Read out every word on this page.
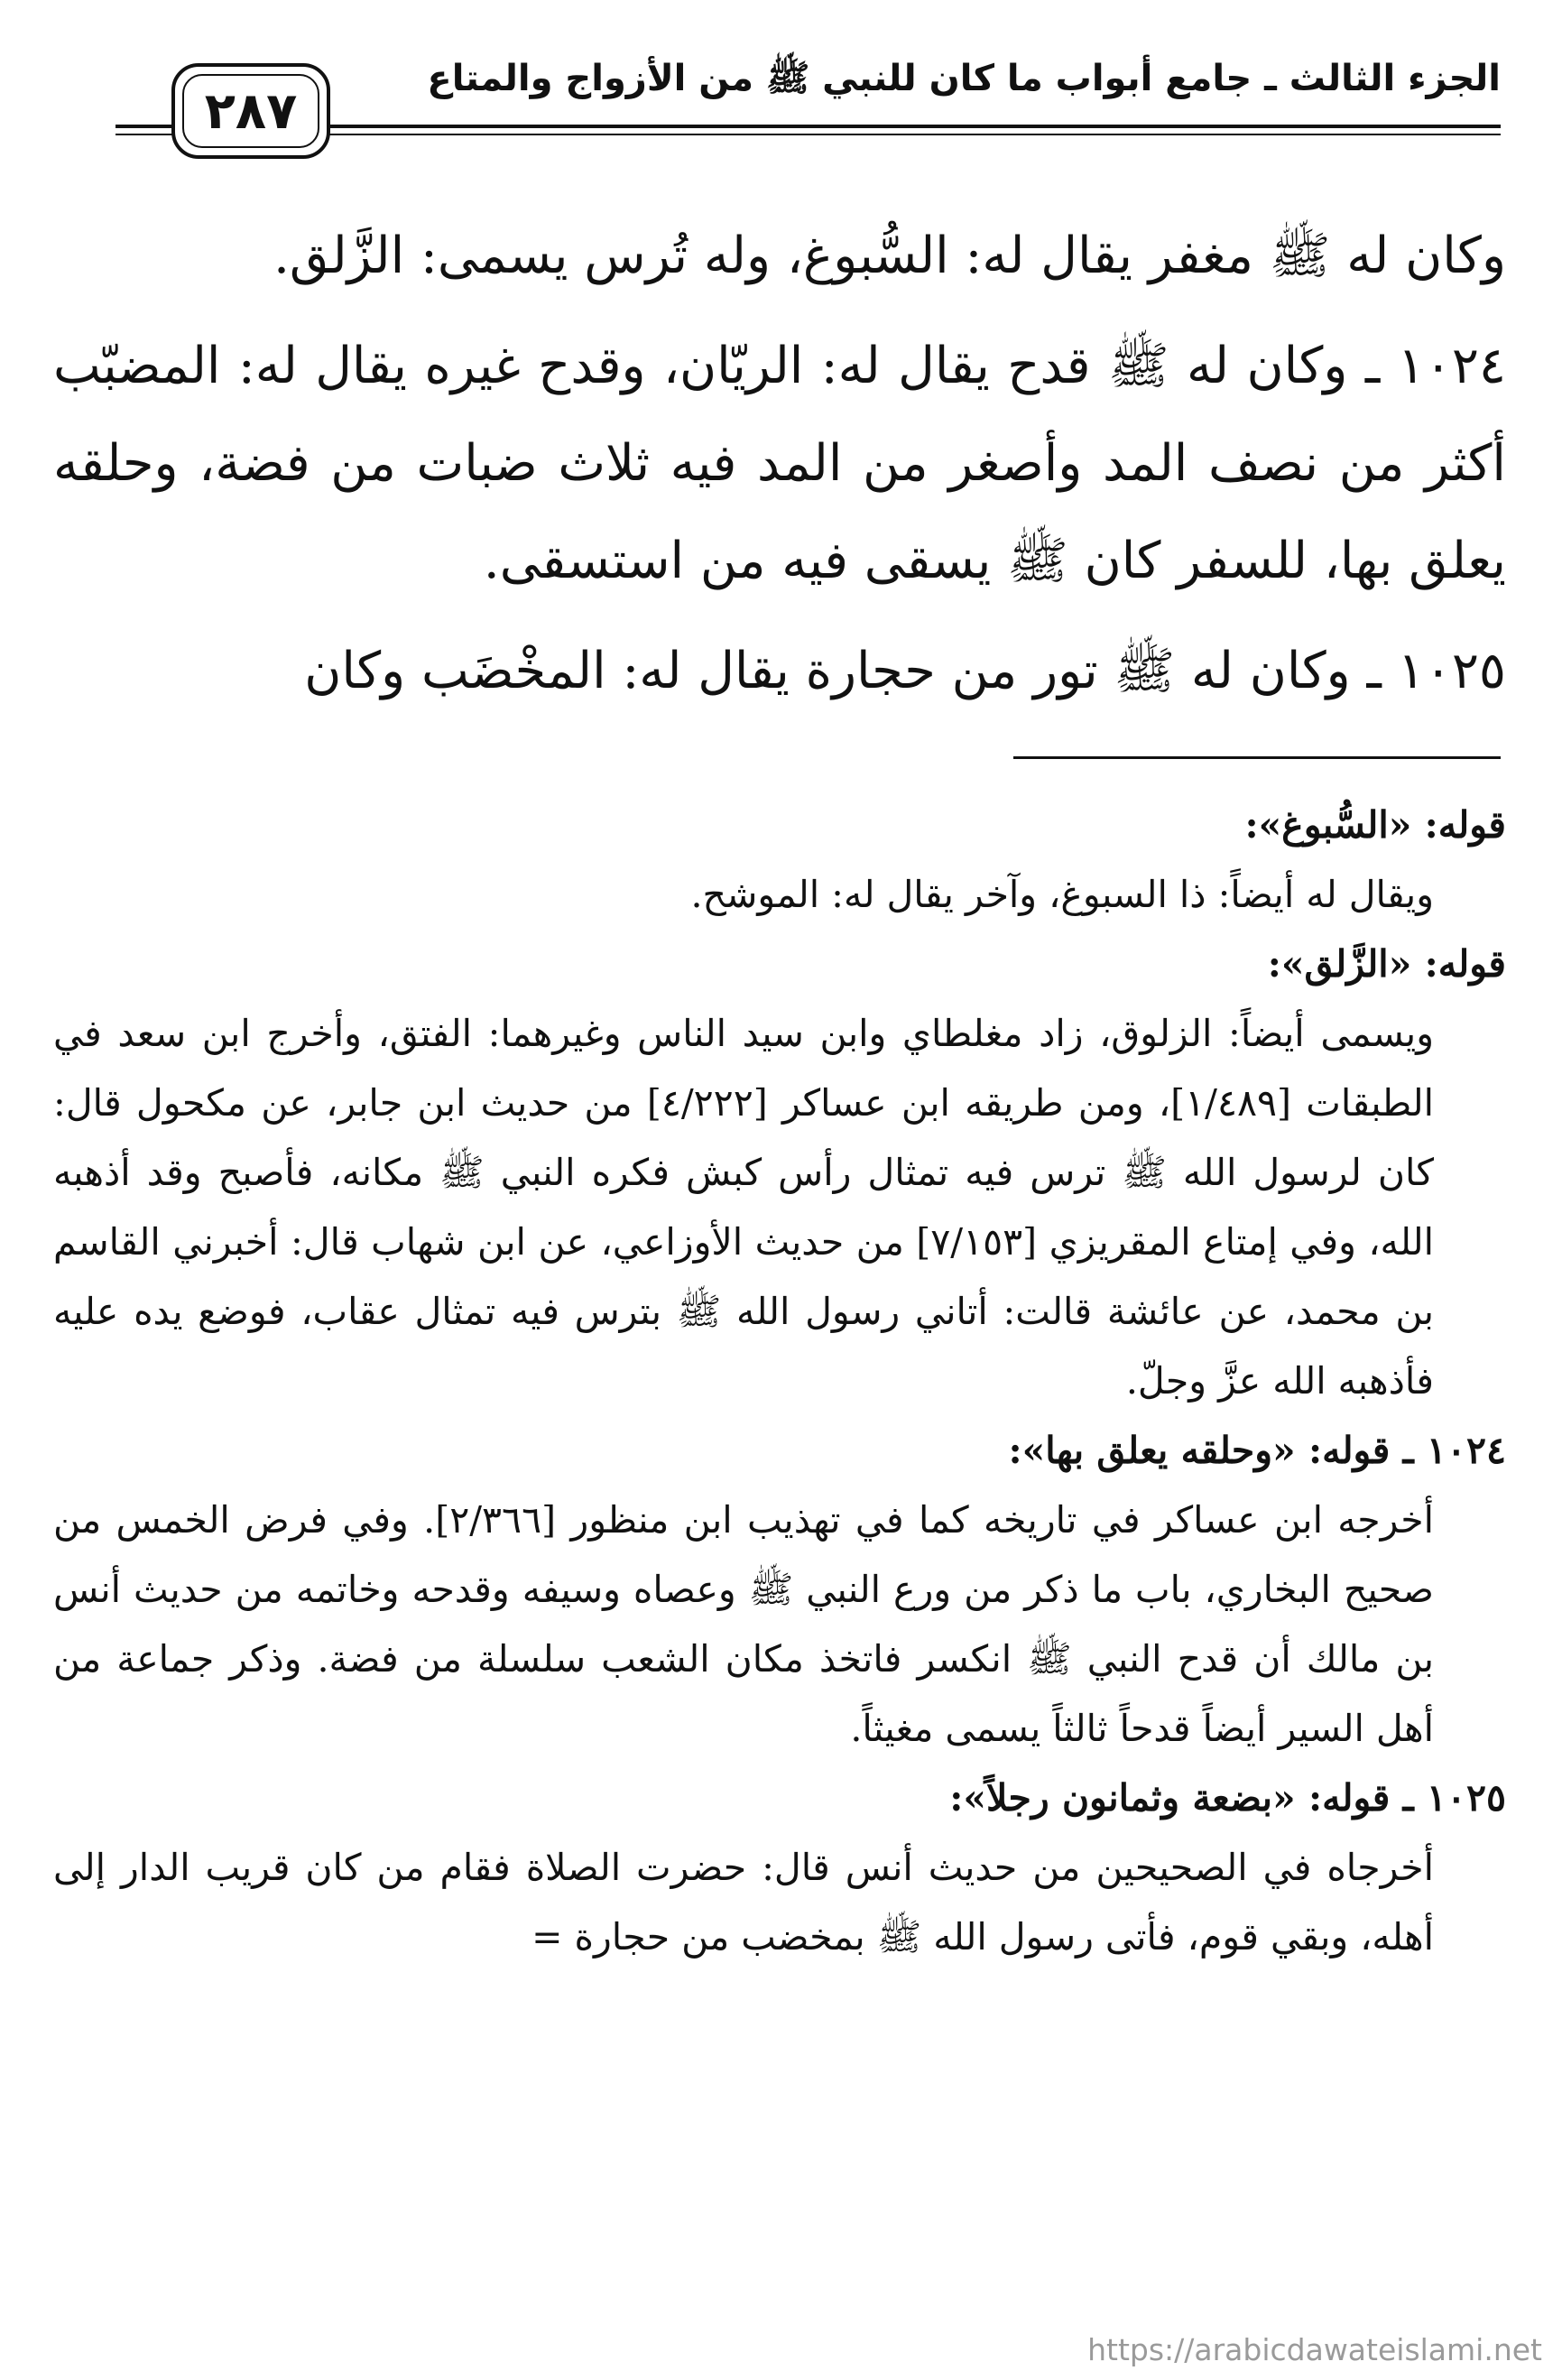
الجزء الثالث ـ جامع أبواب ما كان للنبي ﷺ من الأزواج والمتاع
٢٨٧

وكان له ﷺ مغفر يقال له: السُّبوغ، وله تُرس يسمى: الزَّلق.

١٠٢٤ ـ وكان له ﷺ قدح يقال له: الريّان، وقدح غيره يقال له: المضبّب أكثر من نصف المد وأصغر من المد فيه ثلاث ضبات من فضة، وحلقه يعلق بها، للسفر كان ﷺ يسقى فيه من استسقى.

١٠٢٥ ـ وكان له ﷺ تور من حجارة يقال له: المخْضَب وكان

قوله: «السُّبوغ»:

ويقال له أيضاً: ذا السبوغ، وآخر يقال له: الموشح.

قوله: «الزَّلق»:

ويسمى أيضاً: الزلوق، زاد مغلطاي وابن سيد الناس وغيرهما: الفتق، وأخرج ابن سعد في الطبقات [١/٤٨٩]، ومن طريقه ابن عساكر [٤/٢٢٢] من حديث ابن جابر، عن مكحول قال: كان لرسول الله ﷺ ترس فيه تمثال رأس كبش فكره النبي ﷺ مكانه، فأصبح وقد أذهبه الله، وفي إمتاع المقريزي [٧/١٥٣] من حديث الأوزاعي، عن ابن شهاب قال: أخبرني القاسم بن محمد، عن عائشة قالت: أتاني رسول الله ﷺ بترس فيه تمثال عقاب، فوضع يده عليه فأذهبه الله عزَّ وجلّ.

١٠٢٤ ـ قوله: «وحلقه يعلق بها»:

أخرجه ابن عساكر في تاريخه كما في تهذيب ابن منظور [٢/٣٦٦]. وفي فرض الخمس من صحيح البخاري، باب ما ذكر من ورع النبي ﷺ وعصاه وسيفه وقدحه وخاتمه من حديث أنس بن مالك أن قدح النبي ﷺ انكسر فاتخذ مكان الشعب سلسلة من فضة. وذكر جماعة من أهل السير أيضاً قدحاً ثالثاً يسمى مغيثاً.

١٠٢٥ ـ قوله: «بضعة وثمانون رجلاً»:

أخرجاه في الصحيحين من حديث أنس قال: حضرت الصلاة فقام من كان قريب الدار إلى أهله، وبقي قوم، فأتى رسول الله ﷺ بمخضب من حجارة =

https://arabicdawateislami.net
